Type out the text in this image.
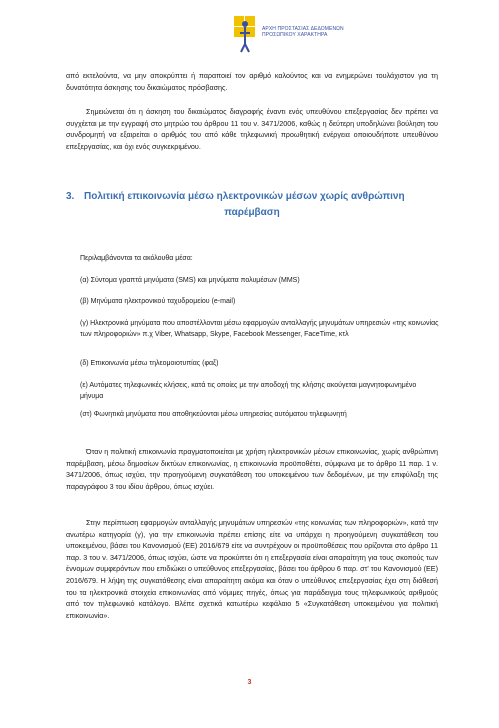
ΑΡΧΗ ΠΡΟΣΤΑΣΙΑΣ ΔΕΔΟΜΕΝΩΝ
ΠΡΟΣΩΠΙΚΟΥ ΧΑΡΑΚΤΗΡΑ

από εκτελούντα, να μην αποκρύπτει ή παραποιεί τον αριθμό καλούντος και να ενημερώνει τουλάχιστον για τη δυνατότητα άσκησης του δικαιώματος πρόσβασης.

Σημειώνεται ότι η άσκηση του δικαιώματος διαγραφής έναντι ενός υπευθύνου επεξεργασίας δεν πρέπει να συγχέεται με την εγγραφή στο μητρώο του άρθρου 11 του ν. 3471/2006, καθώς η δεύτερη υποδηλώνει βούληση του συνδρομητή να εξαιρείται ο αριθμός του από κάθε τηλεφωνική προωθητική ενέργεια οποιουδήποτε υπευθύνου επεξεργασίας, και όχι ενός συγκεκριμένου.

3. Πολιτική επικοινωνία μέσω ηλεκτρονικών μέσων χωρίς ανθρώπινη
παρέμβαση

Περιλαμβάνονται τα ακόλουθα μέσα:

(α) Σύντομα γραπτά μηνύματα (SMS) και μηνύματα πολυμέσων (MMS)

(β) Μηνύματα ηλεκτρονικού ταχυδρομείου (e-mail)

(γ) Ηλεκτρονικά μηνύματα που αποστέλλονται μέσω εφαρμογών ανταλλαγής μηνυμάτων υπηρεσιών «της κοινωνίας των πληροφοριών» π.χ Viber, Whatsapp, Skype, Facebook Messenger, FaceTime, κτλ

(δ) Επικοινωνία μέσω τηλεομοιοτυπίας (φαξ)

(ε) Αυτόματες τηλεφωνικές κλήσεις, κατά τις οποίες με την αποδοχή της κλήσης ακούγεται μαγνητοφωνημένο μήνυμα

(στ) Φωνητικά μηνύματα που αποθηκεύονται μέσω υπηρεσίας αυτόματου τηλεφωνητή

Όταν η πολιτική επικοινωνία πραγματοποιείται με χρήση ηλεκτρονικών μέσων επικοινωνίας, χωρίς ανθρώπινη παρέμβαση, μέσω δημοσίων δικτύων επικοινωνίας, η επικοινωνία προϋποθέτει, σύμφωνα με το άρθρο 11 παρ. 1 ν. 3471/2006, όπως ισχύει, την προηγούμενη συγκατάθεση του υποκειμένου των δεδομένων, με την επιφύλαξη της παραγράφου 3 του ιδίου άρθρου, όπως ισχύει.

Στην περίπτωση εφαρμογών ανταλλαγής μηνυμάτων υπηρεσιών «της κοινωνίας των πληροφοριών», κατά την ανωτέρω κατηγορία (γ), για την επικοινωνία πρέπει επίσης είτε να υπάρχει η προηγούμενη συγκατάθεση του υποκειμένου, βάσει του Κανονισμού (ΕΕ) 2016/679 είτε να συντρέχουν οι προϋποθέσεις που ορίζονται στο άρθρο 11 παρ. 3 του ν. 3471/2006, όπως ισχύει, ώστε να προκύπτει ότι η επεξεργασία είναι απαραίτητη για τους σκοπούς των έννομων συμφερόντων που επιδιώκει ο υπεύθυνος επεξεργασίας, βάσει του άρθρου 6 παρ. στ' του Κανονισμού (ΕΕ) 2016/679. Η λήψη της συγκατάθεσης είναι απαραίτητη ακόμα και όταν ο υπεύθυνος επεξεργασίας έχει στη διάθεσή του τα ηλεκτρονικά στοιχεία επικοινωνίας από νόμιμες πηγές, όπως για παράδειγμα τους τηλεφωνικούς αριθμούς από τον τηλεφωνικό κατάλογο. Βλέπε σχετικά κατωτέρω κεφάλαιο 5 «Συγκατάθεση υποκειμένου για πολιτική επικοινωνία».

3
